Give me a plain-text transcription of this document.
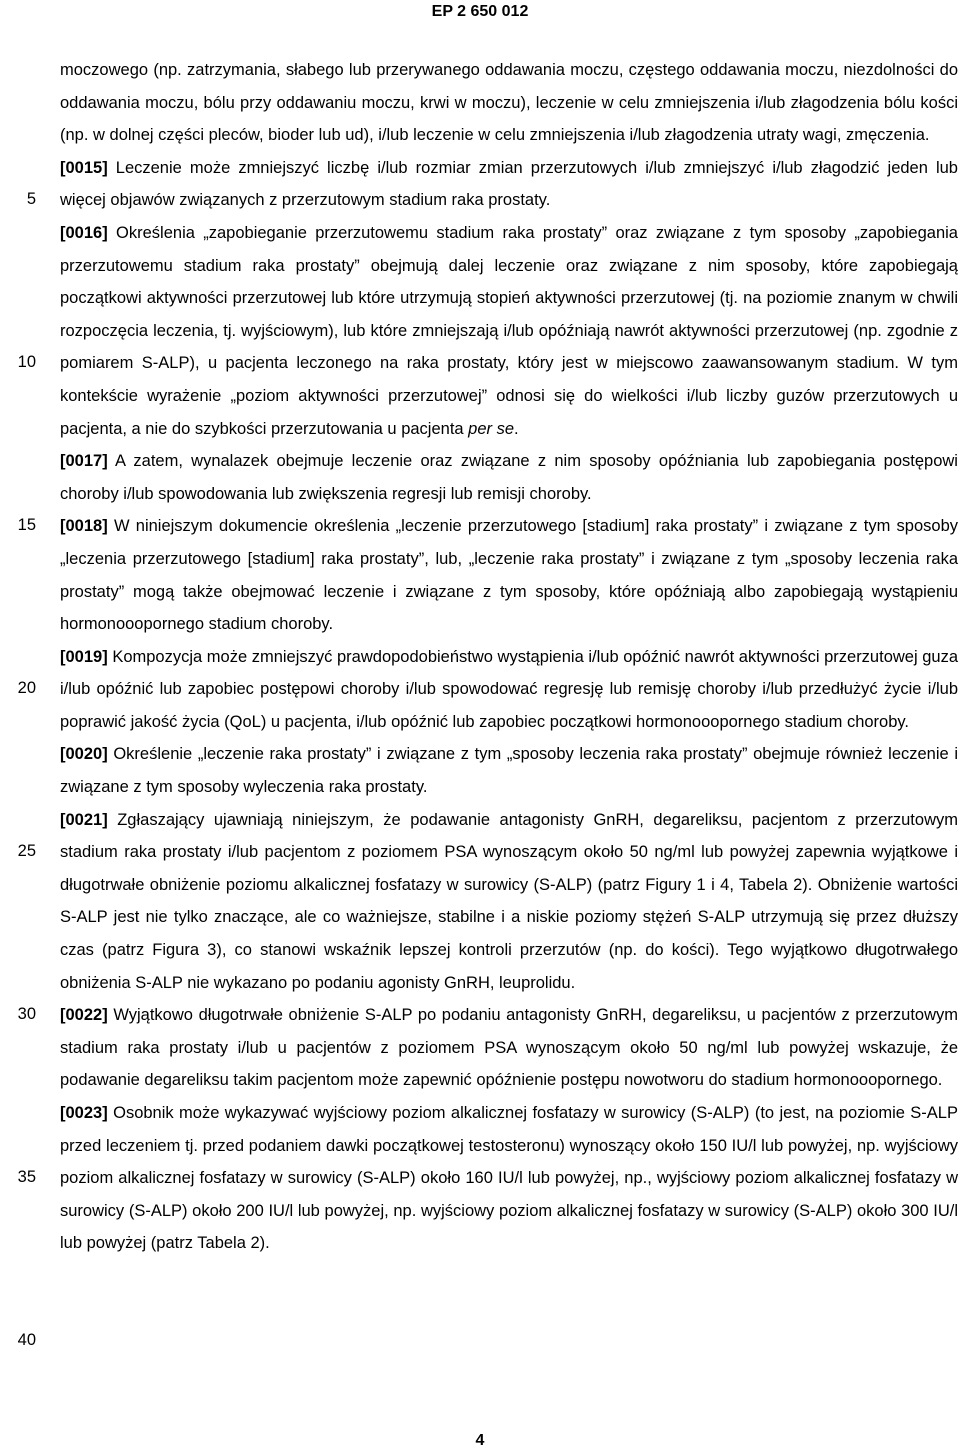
EP 2 650 012
5
10
15
20
25
30
35
40

moczowego (np. zatrzymania, słabego lub przerywanego oddawania moczu, częstego oddawania moczu, niezdolności do oddawania moczu, bólu przy oddawaniu moczu, krwi w moczu), leczenie w celu zmniejszenia i/lub złagodzenia bólu kości (np. w dolnej części pleców, bioder lub ud), i/lub leczenie w celu zmniejszenia i/lub złagodzenia utraty wagi, zmęczenia.

[0015] Leczenie może zmniejszyć liczbę i/lub rozmiar zmian przerzutowych i/lub zmniejszyć i/lub złagodzić jeden lub więcej objawów związanych z przerzutowym stadium raka prostaty.

[0016] Określenia „zapobieganie przerzutowemu stadium raka prostaty” oraz związane z tym sposoby „zapobiegania przerzutowemu stadium raka prostaty” obejmują dalej leczenie oraz związane z nim sposoby, które zapobiegają początkowi aktywności przerzutowej lub które utrzymują stopień aktywności przerzutowej (tj. na poziomie znanym w chwili rozpoczęcia leczenia, tj. wyjściowym), lub które zmniejszają i/lub opóźniają nawrót aktywności przerzutowej (np. zgodnie z pomiarem S-ALP), u pacjenta leczonego na raka prostaty, który jest w miejscowo zaawansowanym stadium. W tym kontekście wyrażenie „poziom aktywności przerzutowej” odnosi się do wielkości i/lub liczby guzów przerzutowych u pacjenta, a nie do szybkości przerzutowania u pacjenta per se.

[0017] A zatem, wynalazek obejmuje leczenie oraz związane z nim sposoby opóźniania lub zapobiegania postępowi choroby i/lub spowodowania lub zwiększenia regresji lub remisji choroby.

[0018] W niniejszym dokumencie określenia „leczenie przerzutowego [stadium] raka prostaty” i związane z tym sposoby „leczenia przerzutowego [stadium] raka prostaty”, lub, „leczenie raka prostaty” i związane z tym „sposoby leczenia raka prostaty” mogą także obejmować leczenie i związane z tym sposoby, które opóźniają albo zapobiegają wystąpieniu hormonooopornego stadium choroby.

[0019] Kompozycja może zmniejszyć prawdopodobieństwo wystąpienia i/lub opóźnić nawrót aktywności przerzutowej guza i/lub opóźnić lub zapobiec postępowi choroby i/lub spowodować regresję lub remisję choroby i/lub przedłużyć życie i/lub poprawić jakość życia (QoL) u pacjenta, i/lub opóźnić lub zapobiec początkowi hormonooopornego stadium choroby.

[0020] Określenie „leczenie raka prostaty” i związane z tym „sposoby leczenia raka prostaty” obejmuje również leczenie i związane z tym sposoby wyleczenia raka prostaty.

[0021] Zgłaszający ujawniają niniejszym, że podawanie antagonisty GnRH, degareliksu, pacjentom z przerzutowym stadium raka prostaty i/lub pacjentom z poziomem PSA wynoszącym około 50 ng/ml lub powyżej zapewnia wyjątkowe i długotrwałe obniżenie poziomu alkalicznej fosfatazy w surowicy (S-ALP) (patrz Figury 1 i 4, Tabela 2). Obniżenie wartości S-ALP jest nie tylko znaczące, ale co ważniejsze, stabilne i a niskie poziomy stężeń S-ALP utrzymują się przez dłuższy czas (patrz Figura 3), co stanowi wskaźnik lepszej kontroli przerzutów (np. do kości). Tego wyjątkowo długotrwałego obniżenia S-ALP nie wykazano po podaniu agonisty GnRH, leuprolidu.

[0022] Wyjątkowo długotrwałe obniżenie S-ALP po podaniu antagonisty GnRH, degareliksu, u pacjentów z przerzutowym stadium raka prostaty i/lub u pacjentów z poziomem PSA wynoszącym około 50 ng/ml lub powyżej wskazuje, że podawanie degareliksu takim pacjentom może zapewnić opóźnienie postępu nowotworu do stadium hormonooopornego.

[0023] Osobnik może wykazywać wyjściowy poziom alkalicznej fosfatazy w surowicy (S-ALP) (to jest, na poziomie S-ALP przed leczeniem tj. przed podaniem dawki początkowej testosteronu) wynoszący około 150 IU/l lub powyżej, np. wyjściowy poziom alkalicznej fosfatazy w surowicy (S-ALP) około 160 IU/l lub powyżej, np., wyjściowy poziom alkalicznej fosfatazy w surowicy (S-ALP) około 200 IU/l lub powyżej, np. wyjściowy poziom alkalicznej fosfatazy w surowicy (S-ALP) około 300 IU/l lub powyżej (patrz Tabela 2).

4
